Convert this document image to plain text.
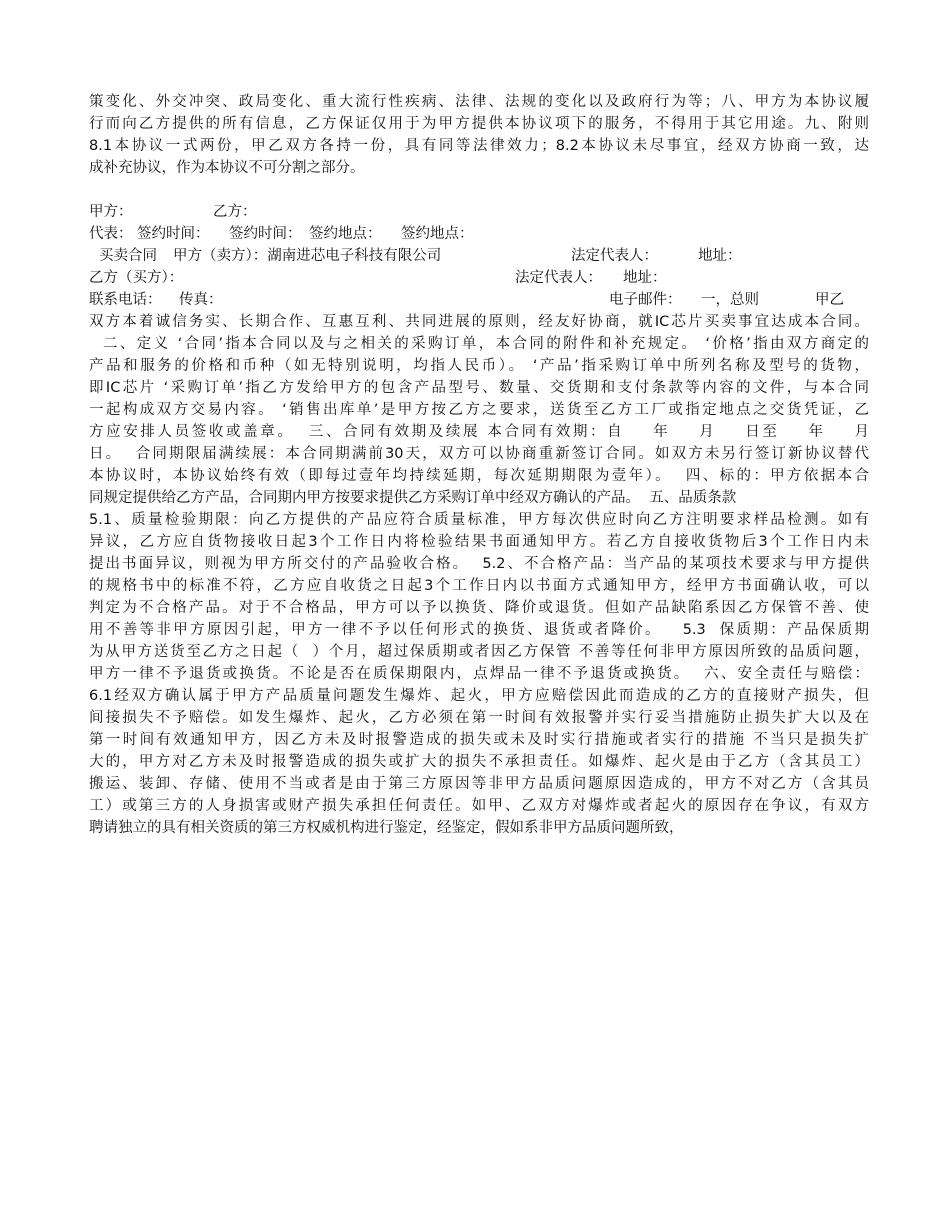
策变化、外交冲突、政局变化、重大流行性疾病、法律、法规的变化以及政府行为等；八、甲方为本协议履
行而向乙方提供的所有信息，乙方保证仅用于为甲方提供本协议项下的服务，不得用于其它用途。九、附则
8.1本协议一式两份，甲乙双方各持一份，具有同等法律效力；8.2本协议未尽事宜，经双方协商一致，达
成补充协议，作为本协议不可分割之部分。

甲方：

	乙方：

代表：

签约时间：

签约时间：

签约地点：

签约地点：

买卖合同

甲方（卖方）：湖南进芯电子科技有限公司

	法定代表人：

	地址：

乙方（买方）：

	法定代表人：

地址：

联系电话：

传真：

	电子邮件：

一，总则

	甲乙

双方本着诚信务实、长期合作、互惠互利、共同进展的原则，经友好协商，就IC芯片买卖事宜达成本合同。
二、定义 ‘合同’指本合同以及与之相关的采购订单，本合同的附件和补充规定。 ‘价格’指由双方商定的
产品和服务的价格和币种（如无特别说明，均指人民币）。 ‘产品’指采购订单中所列名称及型号的货物，
即IC芯片 ‘采购订单’指乙方发给甲方的包含产品型号、数量、交货期和支付条款等内容的文件，与本合同
一起构成双方交易内容。 ‘销售出库单’是甲方按乙方之要求，送货至乙方工厂或指定地点之交货凭证，乙
方应安排人员签收或盖章。  三、合同有效期及续展 本合同有效期：自    年    月    日至    年    月
日。  合同期限届满续展：本合同期满前30天，双方可以协商重新签订合同。如双方未另行签订新协议替代
本协议时，本协议始终有效（即每过壹年均持续延期，每次延期期限为壹年）。  四、标的：甲方依据本合
同规定提供给乙方产品，合同期内甲方按要求提供乙方采购订单中经双方确认的产品。  五、品质条款
5.1、质量检验期限：向乙方提供的产品应符合质量标准，甲方每次供应时向乙方注明要求样品检测。如有
异议，乙方应自货物接收日起3个工作日内将检验结果书面通知甲方。若乙方自接收货物后3个工作日内未
提出书面异议，则视为甲方所交付的产品验收合格。  5.2、不合格产品：当产品的某项技术要求与甲方提供
的规格书中的标准不符，乙方应自收货之日起3个工作日内以书面方式通知甲方，经甲方书面确认收，可以
判定为不合格产品。对于不合格品，甲方可以予以换货、降价或退货。但如产品缺陷系因乙方保管不善、使
用不善等非甲方原因引起，甲方一律不予以任何形式的换货、退货或者降价。   5.3  保质期：产品保质期
为从甲方送货至乙方之日起（  ）个月，超过保质期或者因乙方保管 不善等任何非甲方原因所致的品质问题，
甲方一律不予退货或换货。不论是否在质保期限内，点焊品一律不予退货或换货。  六、安全责任与赔偿：
6.1经双方确认属于甲方产品质量问题发生爆炸、起火，甲方应赔偿因此而造成的乙方的直接财产损失，但
间接损失不予赔偿。如发生爆炸、起火，乙方必须在第一时间有效报警并实行妥当措施防止损失扩大以及在
第一时间有效通知甲方，因乙方未及时报警造成的损失或未及时实行措施或者实行的措施 不当只是损失扩
大的，甲方对乙方未及时报警造成的损失或扩大的损失不承担责任。如爆炸、起火是由于乙方（含其员工）
搬运、装卸、存储、使用不当或者是由于第三方原因等非甲方品质问题原因造成的，甲方不对乙方（含其员
工）或第三方的人身损害或财产损失承担任何责任。如甲、乙双方对爆炸或者起火的原因存在争议，有双方
聘请独立的具有相关资质的第三方权威机构进行鉴定，经鉴定，假如系非甲方品质问题所致，
